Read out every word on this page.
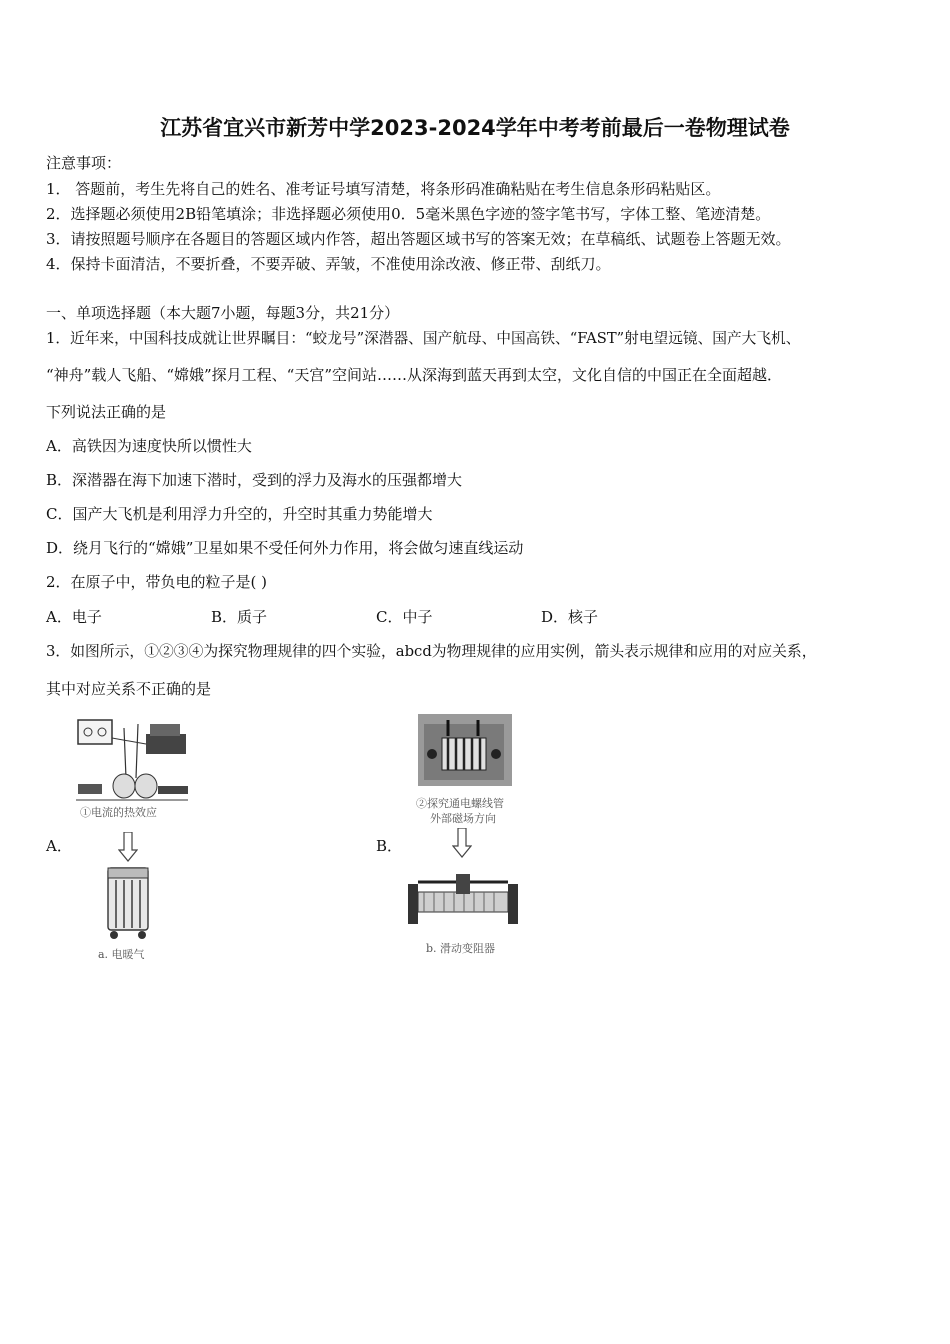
江苏省宜兴市新芳中学2023-2024学年中考考前最后一卷物理试卷
注意事项：
1． 答题前，考生先将自己的姓名、准考证号填写清楚，将条形码准确粘贴在考生信息条形码粘贴区。
2．选择题必须使用2B铅笔填涂；非选择题必须使用0．5毫米黑色字迹的签字笔书写，字体工整、笔迹清楚。
3．请按照题号顺序在各题目的答题区域内作答，超出答题区域书写的答案无效；在草稿纸、试题卷上答题无效。
4．保持卡面清洁，不要折叠，不要弄破、弄皱，不准使用涂改液、修正带、刮纸刀。
一、单项选择题（本大题7小题，每题3分，共21分）
1．近年来，中国科技成就让世界瞩目：“蛟龙号”深潜器、国产航母、中国高铁、“FAST”射电望远镜、国产大飞机、
“神舟”载人飞船、“嫦娥”探月工程、“天宫”空间站……从深海到蓝天再到太空，文化自信的中国正在全面超越．
下列说法正确的是
A．高铁因为速度快所以惯性大
B．深潜器在海下加速下潜时，受到的浮力及海水的压强都增大
C．国产大飞机是利用浮力升空的，升空时其重力势能增大
D．绕月飞行的“嫦娥”卫星如果不受任何外力作用，将会做匀速直线运动
2．在原子中，带负电的粒子是( )
A．电子	B．质子	C．中子	D．核子
3．如图所示，①②③④为探究物理规律的四个实验，abcd为物理规律的应用实例，箭头表示规律和应用的对应关系，
其中对应关系不正确的是
A．
①电流的热效应
a. 电暖气
B．
②探究通电螺线管
外部磁场方向
b. 滑动变阻器
